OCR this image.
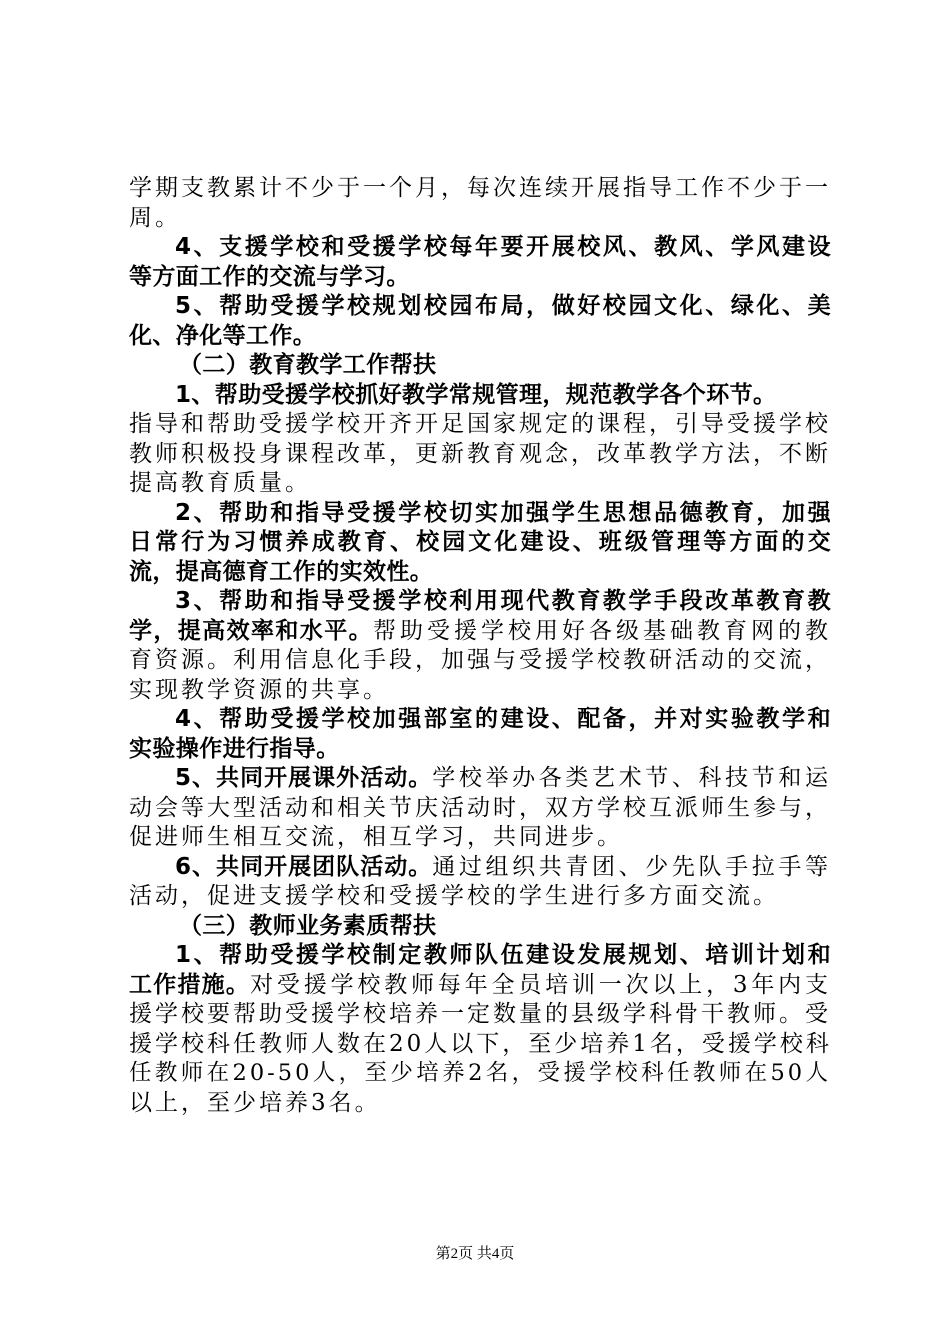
学期支教累计不少于一个月，每次连续开展指导工作不少于一
周。
4、支援学校和受援学校每年要开展校风、教风、学风建设
等方面工作的交流与学习。
5、帮助受援学校规划校园布局，做好校园文化、绿化、美
化、净化等工作。
（二）教育教学工作帮扶
1、帮助受援学校抓好教学常规管理，规范教学各个环节。
指导和帮助受援学校开齐开足国家规定的课程，引导受援学校
教师积极投身课程改革，更新教育观念，改革教学方法，不断
提高教育质量。
2、帮助和指导受援学校切实加强学生思想品德教育，加强
日常行为习惯养成教育、校园文化建设、班级管理等方面的交
流，提高德育工作的实效性。
3、帮助和指导受援学校利用现代教育教学手段改革教育教
学，提高效率和水平。帮助受援学校用好各级基础教育网的教
育资源。利用信息化手段，加强与受援学校教研活动的交流，
实现教学资源的共享。
4、帮助受援学校加强部室的建设、配备，并对实验教学和
实验操作进行指导。
5、共同开展课外活动。学校举办各类艺术节、科技节和运
动会等大型活动和相关节庆活动时，双方学校互派师生参与，
促进师生相互交流，相互学习，共同进步。
6、共同开展团队活动。通过组织共青团、少先队手拉手等
活动，促进支援学校和受援学校的学生进行多方面交流。
（三）教师业务素质帮扶
1、帮助受援学校制定教师队伍建设发展规划、培训计划和
工作措施。对受援学校教师每年全员培训一次以上，3年内支
援学校要帮助受援学校培养一定数量的县级学科骨干教师。受
援学校科任教师人数在20人以下，至少培养1名，受援学校科
任教师在20-50人，至少培养2名，受援学校科任教师在50人
以上，至少培养3名。
第2页 共4页
